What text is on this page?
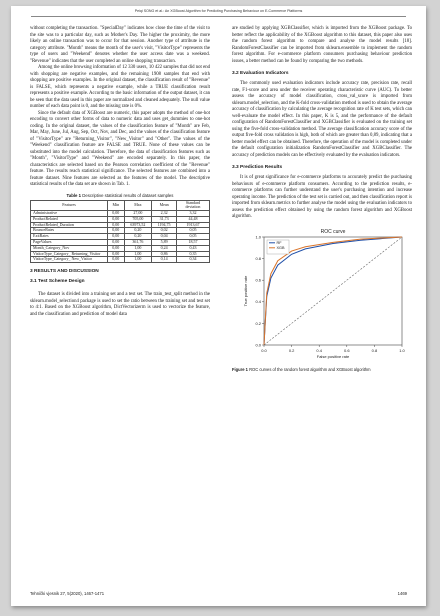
Peiqi SONG et al.: An XGBoost Algorithm for Predicting Purchasing Behaviour on E-Commerce Platforms

without completing the transaction. "SpecialDay" indicates how close the time of the visit to the site was to a particular day, such as Mother's Day. The higher the proximity, the more likely an online transaction was to occur for that session. Another type of attribute is the category attribute. "Month" means the month of the user's visit, "VisitorType" represents the type of users and "Weekend" denotes whether the user access date was a weekend. "Revenue" indicates that the user completed an online shopping transaction.

Among the online browsing information of 12 330 users, 10 422 samples that did not end with shopping are negative examples, and the remaining 1908 samples that end with shopping are positive examples. In the original dataset, the classification result of "Revenue" is FALSE, which represents a negative example, while a TRUE classification result represents a positive example. According to the basic information of the output dataset, it can be seen that the data used in this paper are normalized and cleaned adequately. The null value number of each data point is 0, and the missing rate is 0%.

Since the default data of XGBoost are numeric, this paper adopts the method of one-hot encoding to convert other forms of data to numeric data and uses get_dummies to one-hot coding. In the original dataset, the values of the classification feature of "Month" are Feb, Mar, May, June, Jul, Aug, Sep, Oct, Nov, and Dec, and the values of the classification feature of "VisitorType" are "Returning_Visitor", "New_Visitor" and "Other". The values of the "Weekend" classification feature are FALSE and TRUE. None of these values can be substituted into the model calculation. Therefore, the data of classification features such as "Month", "VisitorType" and "Weekend" are encoded separately. In this paper, the characteristics are selected based on the Pearson correlation coefficient of the "Revenue" feature. The results reach statistical significance. The selected features are combined into a feature dataset. Nine features are selected as the features of the model. The descriptive statistical results of the data set are shown in Tab. 1.

Table 1 Descriptive statistical results of dataset samples
Features	Min	Max	Mean	Standard deviation
Administrative	0,00	27,00	2,32	3,32
ProductRelated	0,00	705,00	31,73	44,48
ProductRelated_Duration	0,00	63973,52	1194,75	1913,67
BounceRates	0,00	0,20	0,02	0,05
ExitRates	0,00	0,20	0,04	0,05
PageValues	0,00	361,76	5,89	18,57
Month_Category_Nov	0,00	1,00	0,24	0,43
VisitorType_Category_ Returning_Visitor	0,00	1,00	0,86	0,35
VisitorType_Category_ New_Visitor	0,00	1,00	0,14	0,34
3 RESULTS AND DISCUSSION
3.1 Test Scheme Design

The dataset is divided into a training set and a test set. The train_test_split method in the sklearn.model_selection4 package is used to set the ratio between the training set and test set to 4:1. Based on the XGBoost algorithm, DictVectorizerm is used to vectorize the feature, and the classification and prediction of model data

are studied by applying XGBClassifier, which is imported from the XGBoost package. To better reflect the applicability of the XGBoost algorithm to this dataset, this paper also uses the random forest algorithm to compare and analyse the model results [18]. RandomForestClassifier can be imported from sklearn.ensemble to implement the random forest algorithm. For e-commerce platform consumers purchasing behaviour prediction issues, a better method can be found by comparing the two methods.

3.2 Evaluation Indicators

The commonly used evaluation indicators include accuracy rate, precision rate, recall rate, F1-score and area under the receiver operating characteristic curve (AUC). To better assess the accuracy of model classification, cross_val_score is imported from sklearn.model_selection, and the K-fold cross-validation method is used to obtain the average accuracy of classification by calculating the average recognition rate of K test sets, which can well-evaluate the model effect. In this paper, K is 5, and the performance of the default configuration of RandomForestClassifier and XGBClassifier is evaluated on the training set using the five-fold cross-validation method. The average classification accuracy score of the output five-fold cross validation is high, both of which are greater than 0,89, indicating that a better model effect can be obtained. Therefore, the operation of the model is completed under the default configuration initialization RandomForestClassifier and XGBClassifier. The accuracy of prediction models can be effectively evaluated by the evaluation indicators.

3.3 Prediction Results

It is of great significance for e-commerce platforms to accurately predict the purchasing behaviours of e-commerce platform consumers. According to the prediction results, e-commerce platforms can further understand the user's purchasing intention and increase operating income. The prediction of the test set is carried out, and then classification report is imported from sklearn.metrics to further analyse the model using the evaluation indicators to assess the prediction effect obtained by using the random forest algorithm and XGBoost algorithm.

0.0	0.2	0.4	0.6	0.8	1.0
0.0
0.2
0.4
0.6
0.8
1.0
ROC curve
False positive rate
True positive rate
RF
XGB
Figure 1 ROC curves of the random forest algorithm and XGBoost algorithm
Tehnički vjesnik 27, 5(2020), 1467-1471	1469
